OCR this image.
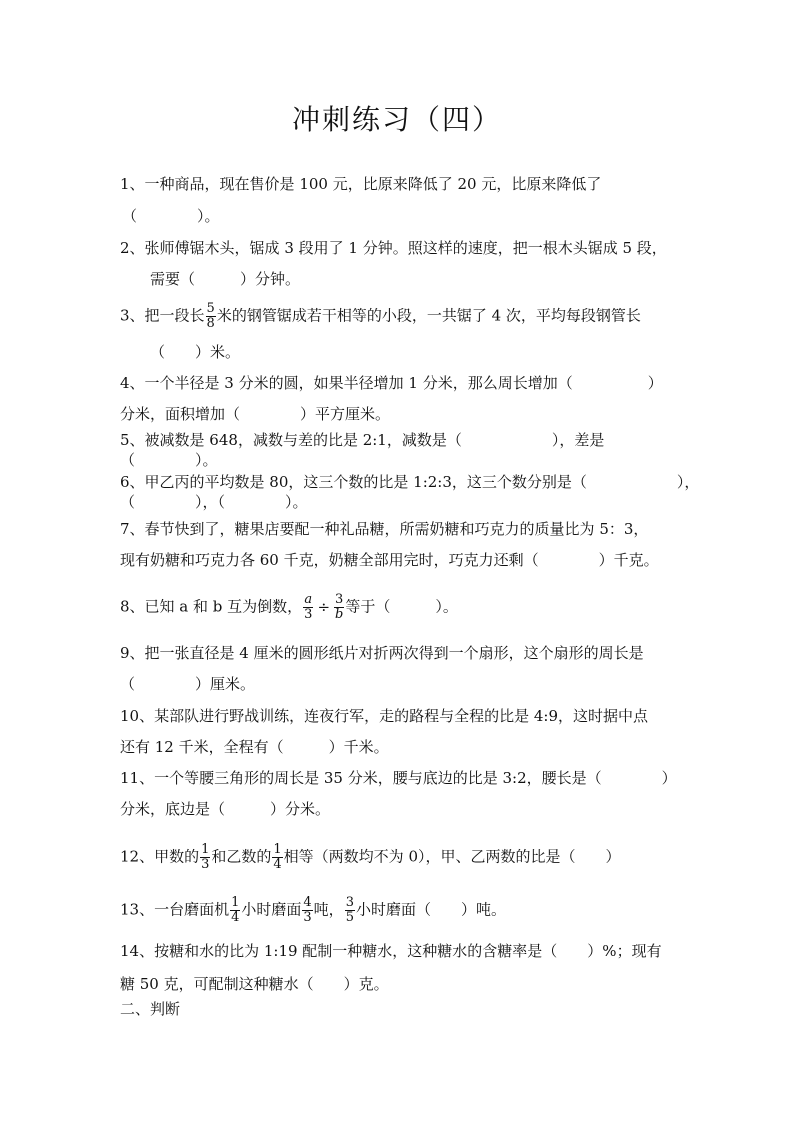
冲刺练习（四）
1、一种商品，现在售价是 100 元，比原来降低了 20 元，比原来降低了
（　　　　）。
2、张师傅锯木头，锯成 3 段用了 1 分钟。照这样的速度，把一根木头锯成 5 段，
需要（　　　）分钟。
3、把一段长 $\frac{5}{8}$ 米的钢管锯成若干相等的小段，一共锯了 4 次，平均每段钢管长
（　　）米。
4、一个半径是 3 分米的圆，如果半径增加 1 分米，那么周长增加（　　　　　）
分米，面积增加（　　　　）平方厘米。
5、被减数是 648，减数与差的比是 2:1，减数是（　　　　　　），差是
（　　　　）。
6、甲乙丙的平均数是 80，这三个数的比是 1:2:3，这三个数分别是（　　　　　　），
（　　　　），（　　　　）。
7、春节快到了，糖果店要配一种礼品糖，所需奶糖和巧克力的质量比为 5：3，
现有奶糖和巧克力各 60 千克，奶糖全部用完时，巧克力还剩（　　　　）千克。
8、已知 a 和 b 互为倒数， $\frac{a}{3} \div \frac{3}{b}$ 等于（　　　）。
9、把一张直径是 4 厘米的圆形纸片对折两次得到一个扇形，这个扇形的周长是
（　　　　）厘米。
10、某部队进行野战训练，连夜行军，走的路程与全程的比是 4:9，这时据中点
还有 12 千米，全程有（　　　）千米。
11、一个等腰三角形的周长是 35 分米，腰与底边的比是 3:2，腰长是（　　　　）
分米，底边是（　　　）分米。
12、甲数的 $\frac{1}{3}$ 和乙数的 $\frac{1}{4}$ 相等（两数均不为 0），甲、乙两数的比是（　　）
13、一台磨面机 $\frac{1}{4}$ 小时磨面 $\frac{4}{3}$ 吨， $\frac{3}{5}$ 小时磨面（　　）吨。
14、按糖和水的比为 1:19 配制一种糖水，这种糖水的含糖率是（　　）%；现有
糖 50 克，可配制这种糖水（　　）克。
二、判断
